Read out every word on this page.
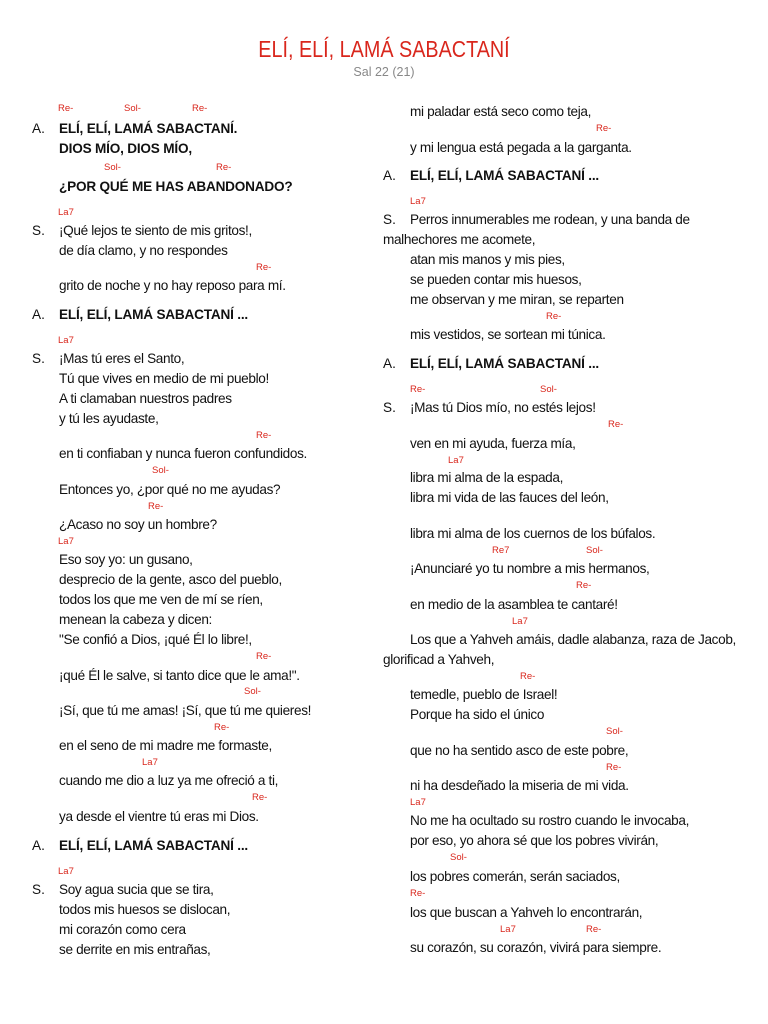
ELÍ, ELÍ, LAMÁ SABACTANÍ
Sal 22 (21)
Re-	Sol-	Re-
A. ELÍ, ELÍ, LAMÁ SABACTANÍ.
DIOS MÍO, DIOS MÍO,
Sol-	Re-
¿POR QUÉ ME HAS ABANDONADO?
La7
S. ¡Qué lejos te siento de mis gritos!,
de día clamo, y no respondes
Re-
grito de noche y no hay reposo para mí.
A. ELÍ, ELÍ, LAMÁ SABACTANÍ ...
La7
S. ¡Mas tú eres el Santo,
Tú que vives en medio de mi pueblo!
A ti clamaban nuestros padres
y tú les ayudaste,
Re-
en ti confiaban y nunca fueron confundidos.
Sol-
Entonces yo, ¿por qué no me ayudas?
Re-
¿Acaso no soy un hombre?
La7
Eso soy yo: un gusano,
desprecio de la gente, asco del pueblo,
todos los que me ven de mí se ríen,
menean la cabeza y dicen:
"Se confió a Dios, ¡qué Él lo libre!,
Re-
¡qué Él le salve, si tanto dice que le ama!".
Sol-
¡Sí, que tú me amas! ¡Sí, que tú me quieres!
Re-
en el seno de mi madre me formaste,
La7
cuando me dio a luz ya me ofreció a ti,
Re-
ya desde el vientre tú eras mi Dios.
A. ELÍ, ELÍ, LAMÁ SABACTANÍ ...
La7
S. Soy agua sucia que se tira,
todos mis huesos se dislocan,
mi corazón como cera
se derrite en mis entrañas,
mi paladar está seco como teja,
Re-
y mi lengua está pegada a la garganta.
A. ELÍ, ELÍ, LAMÁ SABACTANÍ ...
La7
S. Perros innumerables me rodean, y una banda de
malhechores me acomete,
atan mis manos y mis pies,
se pueden contar mis huesos,
me observan y me miran, se reparten
Re-
mis vestidos, se sortean mi túnica.
A. ELÍ, ELÍ, LAMÁ SABACTANÍ ...
Re-	Sol-
S. ¡Mas tú Dios mío, no estés lejos!
Re-
ven en mi ayuda, fuerza mía,
La7
libra mi alma de la espada,
libra mi vida de las fauces del león,
libra mi alma de los cuernos de los búfalos.
Re7	Sol-
¡Anunciaré yo tu nombre a mis hermanos,
Re-
en medio de la asamblea te cantaré!
La7
Los que a Yahveh amáis, dadle alabanza, raza de Jacob,
glorificad a Yahveh,
Re-
temedle, pueblo de Israel!
Porque ha sido el único
Sol-
que no ha sentido asco de este pobre,
Re-
ni ha desdeñado la miseria de mi vida.
La7
No me ha ocultado su rostro cuando le invocaba,
por eso, yo ahora sé que los pobres vivirán,
Sol-
los pobres comerán, serán saciados,
Re-
los que buscan a Yahveh lo encontrarán,
La7	Re-
su corazón, su corazón, vivirá para siempre.
